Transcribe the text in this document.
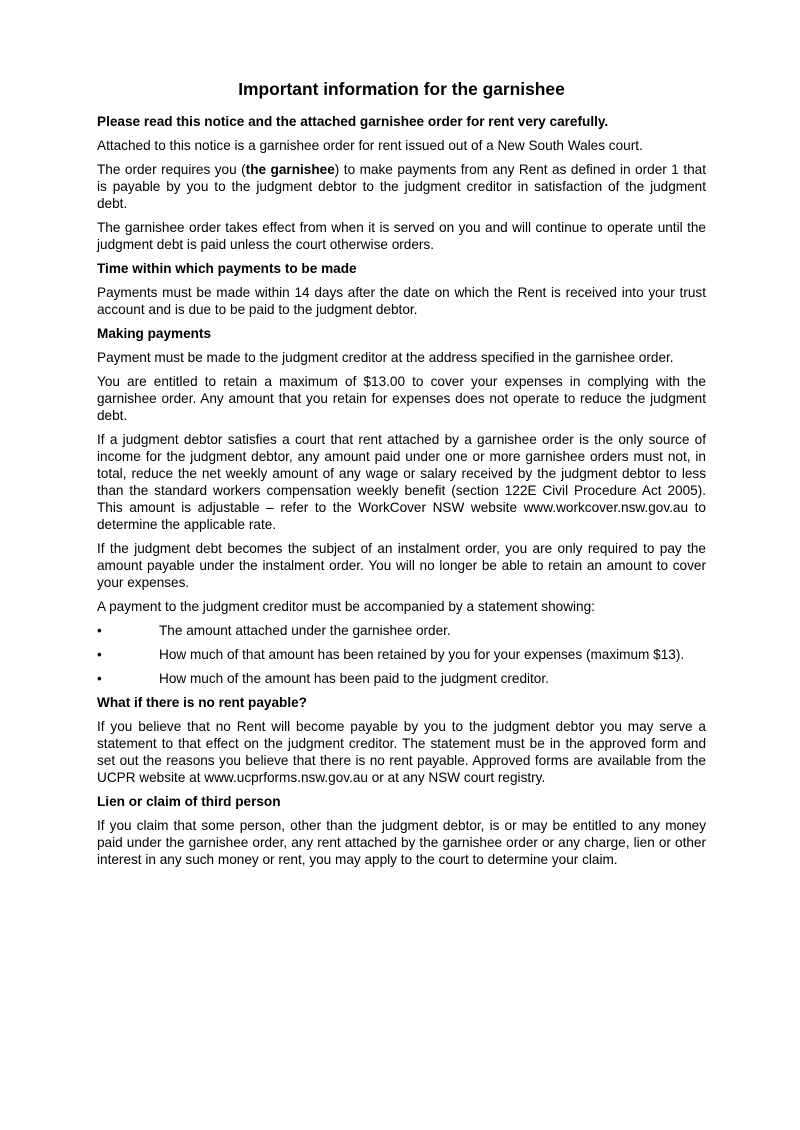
Important information for the garnishee

Please read this notice and the attached garnishee order for rent very carefully.

Attached to this notice is a garnishee order for rent issued out of a New South Wales court.

The order requires you (the garnishee) to make payments from any Rent as defined in order 1 that is payable by you to the judgment debtor to the judgment creditor in satisfaction of the judgment debt.

The garnishee order takes effect from when it is served on you and will continue to operate until the judgment debt is paid unless the court otherwise orders.

Time within which payments to be made

Payments must be made within 14 days after the date on which the Rent is received into your trust account and is due to be paid to the judgment debtor.

Making payments

Payment must be made to the judgment creditor at the address specified in the garnishee order.

You are entitled to retain a maximum of $13.00 to cover your expenses in complying with the garnishee order. Any amount that you retain for expenses does not operate to reduce the judgment debt.

If a judgment debtor satisfies a court that rent attached by a garnishee order is the only source of income for the judgment debtor, any amount paid under one or more garnishee orders must not, in total, reduce the net weekly amount of any wage or salary received by the judgment debtor to less than the standard workers compensation weekly benefit (section 122E Civil Procedure Act 2005). This amount is adjustable – refer to the WorkCover NSW website www.workcover.nsw.gov.au to determine the applicable rate.

If the judgment debt becomes the subject of an instalment order, you are only required to pay the amount payable under the instalment order. You will no longer be able to retain an amount to cover your expenses.

A payment to the judgment creditor must be accompanied by a statement showing:

•	The amount attached under the garnishee order.
•	How much of that amount has been retained by you for your expenses (maximum $13).
•	How much of the amount has been paid to the judgment creditor.

What if there is no rent payable?

If you believe that no Rent will become payable by you to the judgment debtor you may serve a statement to that effect on the judgment creditor. The statement must be in the approved form and set out the reasons you believe that there is no rent payable. Approved forms are available from the UCPR website at www.ucprforms.nsw.gov.au or at any NSW court registry.

Lien or claim of third person

If you claim that some person, other than the judgment debtor, is or may be entitled to any money paid under the garnishee order, any rent attached by the garnishee order or any charge, lien or other interest in any such money or rent, you may apply to the court to determine your claim.
